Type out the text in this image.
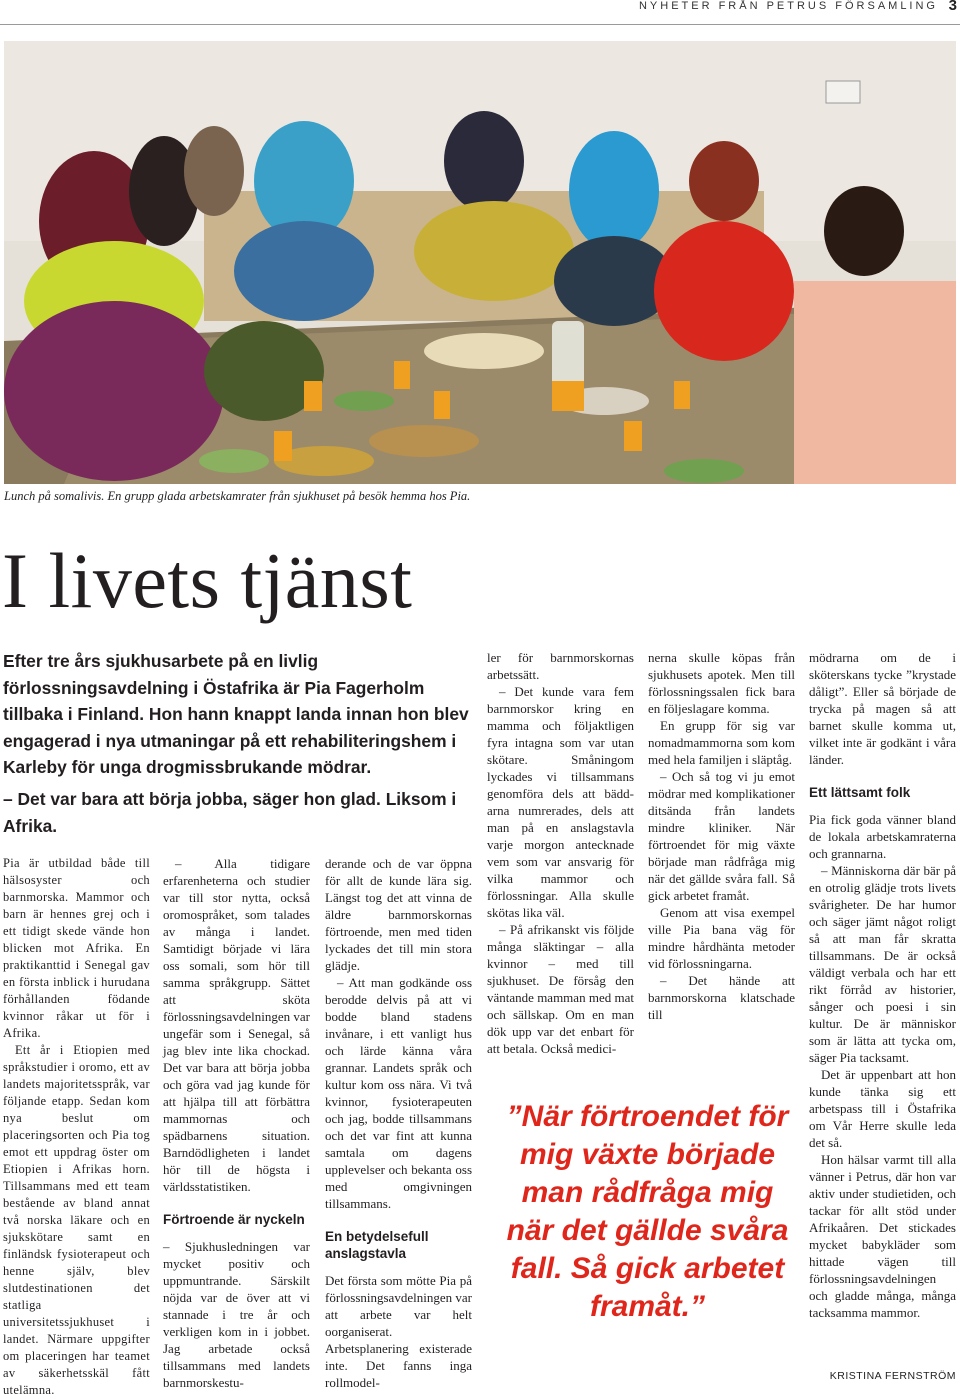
NYHETER FRÅN PETRUS FÖRSAMLING 3
Lunch på somalivis. En grupp glada arbetskamrater från sjukhuset på besök hemma hos Pia.
I livets tjänst

Efter tre års sjukhusarbete på en livlig förlossningsavdelning i Östafrika är Pia Fagerholm tillbaka i Finland. Hon hann knappt landa innan hon blev engagerad i nya utmaningar på ett rehabiliteringshem i Karleby för unga drogmissbrukande mödrar.

– Det var bara att börja jobba, säger hon glad. Liksom i Afrika.

Pia är utbildad både till hälsosyster och barnmorska. Mammor och barn är hennes grej och i ett tidigt skede vände hon blicken mot Afrika. En praktikanttid i Senegal gav en första inblick i hurudana förhållanden födande kvinnor råkar ut för i Afrika.

Ett år i Etiopien med språkstudier i oromo, ett av landets majoritetsspråk, var följande etapp. Sedan kom nya beslut om placeringsorten och Pia tog emot ett uppdrag öster om Etiopien i Afrikas horn. Tillsammans med ett team bestående av bland annat två norska läkare och en sjukskötare samt en finländsk fysioterapeut och henne själv, blev slutdestinationen det statliga universitetssjukhuset i landet. Närmare uppgifter om placeringen har teamet av säkerhetsskäl fått utelämna.

– Alla tidigare erfarenheterna och studier var till stor nytta, också oromospråket, som talades av många i landet. Samtidigt började vi lära oss somali, som hör till samma språkgrupp. Sättet att sköta förlossningsavdelningen var ungefär som i Senegal, så jag blev inte lika chockad. Det var bara att börja jobba och göra vad jag kunde för att hjälpa till att förbättra mammornas och spädbarnens situation. Barndödligheten i landet hör till de högsta i världsstatistiken.

Förtroende är nyckeln

– Sjukhusledningen var mycket positiv och uppmuntrande. Särskilt nöjda var de över att vi stannade i tre år och verkligen kom in i jobbet. Jag arbetade också tillsammans med landets barnmorskestu-

derande och de var öppna för allt de kunde lära sig. Längst tog det att vinna de äldre barnmorskornas förtroende, men med tiden lyckades det till min stora glädje.

– Att man godkände oss berodde delvis på att vi bodde bland stadens invånare, i ett vanligt hus och lärde känna våra grannar. Landets språk och kultur kom oss nära. Vi två kvinnor, fysioterapeuten och jag, bodde tillsammans och det var fint att kunna samtala om dagens upplevelser och bekanta oss med omgivningen tillsammans.

En betydelsefull anslagstavla

Det första som mötte Pia på förlossningsavdelningen var att arbete var helt oorganiserat. Arbetsplanering existerade inte. Det fanns inga rollmodel-

ler för barnmorskornas arbetssätt.

– Det kunde vara fem barnmorskor kring en mamma och följaktligen fyra intagna som var utan skötare. Småningom lyckades vi tillsammans genomföra dels att bäddarna numrerades, dels att man på en anslagstavla varje morgon antecknade vem som var ansvarig för vilka mammor och förlossningar. Alla skulle skötas lika väl.

– På afrikanskt vis följde många släktingar – alla kvinnor – med till sjukhuset. De försåg den väntande mamman med mat och sällskap. Om en man dök upp var det enbart för att betala. Också medici-

nerna skulle köpas från sjukhusets apotek. Men till förlossningssalen fick bara en följeslagare komma.

En grupp för sig var nomadmammorna som kom med hela familjen i släptåg.

– Och så tog vi ju emot mödrar med komplikationer ditsända från landets mindre kliniker. När förtroendet för mig växte började man rådfråga mig när det gällde svåra fall. Så gick arbetet framåt.

Genom att visa exempel ville Pia bana väg för mindre hårdhänta metoder vid förlossningarna.

– Det hände att barnmorskorna klatschade till

mödrarna om de i sköterskans tycke ”krystade dåligt”. Eller så började de trycka på magen så att barnet skulle komma ut, vilket inte är godkänt i våra länder.

Ett lättsamt folk

Pia fick goda vänner bland de lokala arbetskamraterna och grannarna.

– Människorna där bär på en otrolig glädje trots livets svårigheter. De har humor och säger jämt något roligt så att man får skratta tillsammans. De är också väldigt verbala och har ett rikt förråd av historier, sånger och poesi i sin kultur. De är människor som är lätta att tycka om, säger Pia tacksamt.

Det är uppenbart att hon kunde tänka sig ett arbetspass till i Östafrika om Vår Herre skulle leda det så.

Hon hälsar varmt till alla vänner i Petrus, där hon var aktiv under studietiden, och tackar för allt stöd under Afrikaåren. Det stickades mycket babykläder som hittade vägen till förlossningsavdelningen och gladde många, många tacksamma mammor.

”När förtroendet för mig växte började man rådfråga mig när det gällde svåra fall. Så gick arbetet framåt.”
KRISTINA FERNSTRÖM
